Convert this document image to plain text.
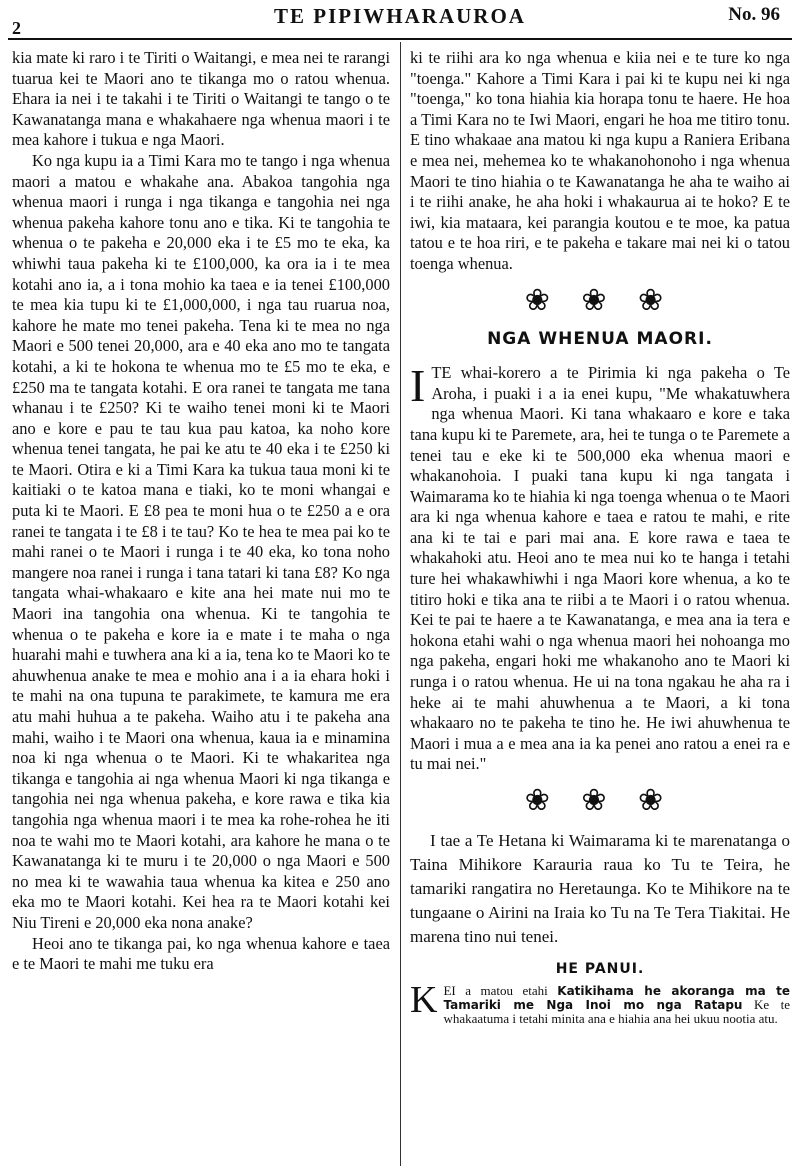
2	TE PIPIWHARAUROA	No. 96

kia mate ki raro i te Tiriti o Waitangi, e mea nei te rarangi tuarua kei te Maori ano te tikanga mo o ratou whenua. Ehara ia nei i te takahi i te Tiriti o Waitangi te tango o te Kawanatanga mana e whakahaere nga whenua maori i te mea kahore i tukua e nga Maori.

Ko nga kupu ia a Timi Kara mo te tango i nga whenua maori a matou e whakahe ana. Abakoa tangohia nga whenua maori i runga i nga tikanga e tangohia nei nga whenua pakeha kahore tonu ano e tika. Ki te tangohia te whenua o te pakeha e 20,000 eka i te £5 mo te eka, ka whiwhi taua pakeha ki te £100,000, ka ora ia i te mea kotahi ano ia, a i tona mohio ka taea e ia tenei £100,000 te mea kia tupu ki te £1,000,000, i nga tau ruarua noa, kahore he mate mo tenei pakeha. Tena ki te mea no nga Maori e 500 tenei 20,000, ara e 40 eka ano mo te tangata kotahi, a ki te hokona te whenua mo te £5 mo te eka, e £250 ma te tangata kotahi. E ora ranei te tangata me tana whanau i te £250? Ki te waiho tenei moni ki te Maori ano e kore e pau te tau kua pau katoa, ka noho kore whenua tenei tangata, he pai ke atu te 40 eka i te £250 ki te Maori. Otira e ki a Timi Kara ka tukua taua moni ki te kaitiaki o te katoa mana e tiaki, ko te moni whangai e puta ki te Maori. E £8 pea te moni hua o te £250 a e ora ranei te tangata i te £8 i te tau? Ko te hea te mea pai ko te mahi ranei o te Maori i runga i te 40 eka, ko tona noho mangere noa ranei i runga i tana tatari ki tana £8? Ko nga tangata whai-whakaaro e kite ana hei mate nui mo te Maori ina tangohia ona whenua. Ki te tangohia te whenua o te pakeha e kore ia e mate i te maha o nga huarahi mahi e tuwhera ana ki a ia, tena ko te Maori ko te ahuwhenua anake te mea e mohio ana i a ia ehara hoki i te mahi na ona tupuna te parakimete, te kamura me era atu mahi huhua a te pakeha. Waiho atu i te pakeha ana mahi, waiho i te Maori ona whenua, kaua ia e minamina noa ki nga whenua o te Maori. Ki te whakaritea nga tikanga e tangohia ai nga whenua Maori ki nga tikanga e tangohia nei nga whenua pakeha, e kore rawa e tika kia tangohia nga whenua maori i te mea ka rohe-rohea he iti noa te wahi mo te Maori kotahi, ara kahore he mana o te Kawanatanga ki te muru i te 20,000 o nga Maori e 500 no mea ki te wawahia taua whenua ka kitea e 250 ano eka mo te Maori kotahi. Kei hea ra te Maori kotahi kei Niu Tireni e 20,000 eka nona anake?

Heoi ano te tikanga pai, ko nga whenua kahore e taea e te Maori te mahi me tuku era

ki te riihi ara ko nga whenua e kiia nei e te ture ko nga "toenga." Kahore a Timi Kara i pai ki te kupu nei ki nga "toenga," ko tona hiahia kia horapa tonu te haere. He hoa a Timi Kara no te Iwi Maori, engari he hoa me titiro tonu. E tino whakaae ana matou ki nga kupu a Raniera Eribana e mea nei, mehemea ko te whakanohonoho i nga whenua Maori te tino hiahia o te Kawanatanga he aha te waiho ai i te riihi anake, he aha hoki i whakaurua ai te hoko? E te iwi, kia mataara, kei parangia koutou e te moe, ka patua tatou e te hoa riri, e te pakeha e takare mai nei ki o tatou toenga whenua.

❀ ❀ ❀
NGA WHENUA MAORI.

ITE whai-korero a te Pirimia ki nga pakeha o Te Aroha, i puaki i a ia enei kupu, "Me whakatuwhera nga whenua Maori. Ki tana whakaaro e kore e taka tana kupu ki te Paremete, ara, hei te tunga o te Paremete a tenei tau e eke ki te 500,000 eka whenua maori e whakanohoia. I puaki tana kupu ki nga tangata i Waimarama ko te hiahia ki nga toenga whenua o te Maori ara ki nga whenua kahore e taea e ratou te mahi, e rite ana ki te tai e pari mai ana. E kore rawa e taea te whakahoki atu. Heoi ano te mea nui ko te hanga i tetahi ture hei whakawhiwhi i nga Maori kore whenua, a ko te titiro hoki e tika ana te riibi a te Maori i o ratou whenua. Kei te pai te haere a te Kawanatanga, e mea ana ia tera e hokona etahi wahi o nga whenua maori hei nohoanga mo nga pakeha, engari hoki me whakanoho ano te Maori ki runga i o ratou whenua. He ui na tona ngakau he aha ra i heke ai te mahi ahuwhenua a te Maori, a ki tona whakaaro no te pakeha te tino he. He iwi ahuwhenua te Maori i mua a e mea ana ia ka penei ano ratou a enei ra e tu mai nei."

❀ ❀ ❀

I tae a Te Hetana ki Waimarama ki te marenatanga o Taina Mihikore Karauria raua ko Tu te Teira, he tamariki rangatira no Heretaunga. Ko te Mihikore na te tungaane o Airini na Iraia ko Tu na Te Tera Tiakitai. He marena tino nui tenei.

HE PANUI.
KEI a matou etahi Katikihama he akoranga ma te Tamariki me Nga Inoi mo nga Ratapu Ke te whakaatuma i tetahi minita ana e hiahia ana hei ukuu nootia atu.
